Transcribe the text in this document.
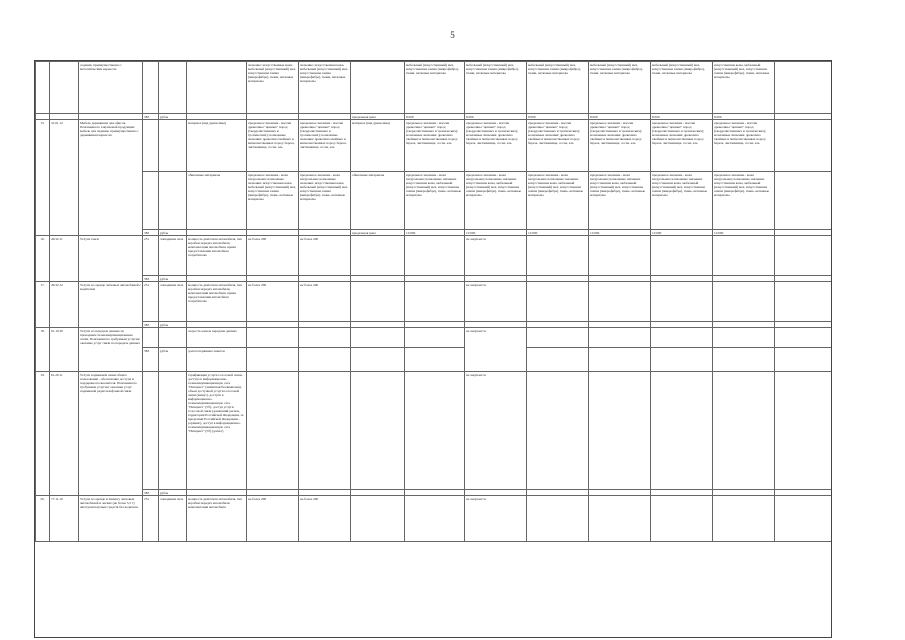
5
		седения, преимущественно с металлическим каркасом				значение: искусственные кожа, мебельный (искусственный) мех, искусственная замша (микрофибра), ткани, нетканые материалы	значение: искусственная кожа, мебельный (искусственный) мех, искусственная замша (микрофибра), ткани, нетканые материалы		мебельный (искусственный) мех, искусственная замша (микрофибра), ткани, нетканые материалы	мебельный (искусственный) мех, искусственная замша (микрофибра), ткани, нетканые материалы	мебельный (искусственный) мех, искусственная замша (микрофибра), ткани, нетканые материалы	мебельный (искусственный) мех, искусственная замша (микрофибра), ткани, нетканые материалы	мебельный (искусственный) мех, искусственная замша (микрофибра), ткани, нетканые материалы	искусственная кожа, мебельный (искусственный) мех, искусственная замша (микрофибра), ткани, нетканые материалы		
			383	рубль				предельная цена	8 000	8 000	8 000	8 000	8 000	8 000		
15.	31.01.12	Мебель деревянная для офисов. Пояснения по закупаемой продукции: мебель для сидения, преимущественно с деревянным каркасом			материал (вид древесины)	предельное значение - массив древесины "ценных" пород (твердолиственных и тропических); возможные значения: древесина хвойных и мягколиственных пород: береза, лиственница, сосна, ель	предельное значение - массив древесины "ценных" пород (твердолиственных и тропических); возможные значения: древесина хвойных и мягколиственных пород: береза, лиственница, сосна, ель	материал (вид древесины)	предельное значение - массив древесины "ценных" пород (твердолиственных и тропических); возможные значения: древесина хвойных и мягколиственных пород: береза, лиственница, сосна, ель	предельное значение - массив древесины "ценных" пород (твердолиственных и тропических); возможные значения: древесина хвойных и мягколиственных пород: береза, лиственница, сосна, ель	предельное значение - массив древесины "ценных" пород (твердолиственных и тропических); возможные значения: древесина хвойных и мягколиственных пород: береза, лиственница, сосна, ель	предельное значение - массив древесины "ценных" пород (твердолиственных и тропических); возможные значения: древесина хвойных и мягколиственных пород: береза, лиственница, сосна, ель	предельное значение - массив древесины "ценных" пород (твердолиственных и тропических); возможные значения: древесина хвойных и мягколиственных пород: береза, лиственница, сосна, ель	предельное значение - массив древесины "ценных" пород (твердолиственных и тропических); возможные значения: древесина хвойных и мягколиственных пород: береза, лиственница, сосна, ель		
					обивочные материалы	предельное значение - кожа натуральная; возможные значения: искусственная кожа, мебельный (искусственный) мех, искусственная замша (микрофибра), ткань, нетканые материалы	предельное значение - кожа натуральная; возможные значения: искусственная кожа, мебельный (искусственный) мех, искусственная замша (микрофибра), ткань, нетканые материалы	обивочные материалы	предельное значение - кожа натуральная; возможные значения: искусственная кожа, мебельный (искусственный) мех, искусственная замша (микрофибра), ткань, нетканые материалы	предельное значение - кожа натуральная; возможные значения: искусственная кожа, мебельный (искусственный) мех, искусственная замша (микрофибра), ткань, нетканые материалы	предельное значение - кожа натуральная; возможные значения: искусственная кожа, мебельный (искусственный) мех, искусственная замша (микрофибра), ткань, нетканые материалы	предельное значение - кожа натуральная; возможные значения: искусственная кожа, мебельный (искусственный) мех, искусственная замша (микрофибра), ткань, нетканые материалы	предельное значение - кожа натуральная; возможные значения: искусственная кожа, мебельный (искусственный) мех, искусственная замша (микрофибра), ткань, нетканые материалы	предельное значение - кожа натуральная; возможные значения: искусственная кожа, мебельный (искусственный) мех, искусственная замша (микрофибра), ткань, нетканые материалы		
			383	рубль				предельная цена	10 000	10 000	10 000	10 000	10 000	10 000		
16.	49.32.11	Услуги такси	251	лошадиная сила	мощность двигателя автомобиля, тип коробки передач автомобиля, комплектация автомобиля, время предоставления автомобиля потребителю	не более 200	не более 200			не закупается						
			383	рубль												
17.	49.32.12	Услуги по аренде легковых автомобилей с водителем	251	лошадиная сила	мощность двигателя автомобиля, тип коробки передач автомобиля, комплектация автомобиля, время предоставления автомобиля потребителю	не более 200	не более 200			не закупается						
			383	рубль												
18.	61.10.30	Услуги по передаче данных по проводным телекоммуникационным сетям. Пояснения по требуемым услугам: оказание услуг связи по передаче данных			скорость канала передачи данных					не закупается						
			383	рубль	доля потерянных пакетов											
19.	61.20.11	Услуги подвижной связи общего пользования - обеспечение доступа и поддержка пользователя. Пояснения по требуемым услугам: оказание услуг подвижной радиотелефонной связи			тарификация услуги голосовой связи, доступа в информационно-телекоммуникационную сеть "Интернет" (лимитная/безлимитная), объем доступной услуги голосовой связи (минут), доступа в информационно-телекоммуникационную сеть "Интернет" (Гб), доступ услуги голосовой связи (домашний регион, территория Российской Федерации, за пределами Российской Федерации - роуминг), доступ в информационно-телекоммуникационную сеть "Интернет" (Гб) (да/нет)					не закупается						
			383	рубль												
20.	77.11.10	Услуги по аренде и лизингу легковых автомобилей и легких (не более 3,5 т) автотранспортных средств без водителя.	251	лошадиная сила	мощность двигателя автомобиля, тип коробки передач автомобиля, комплектация автомобиля	не более 200	не более 200			не закупается						
